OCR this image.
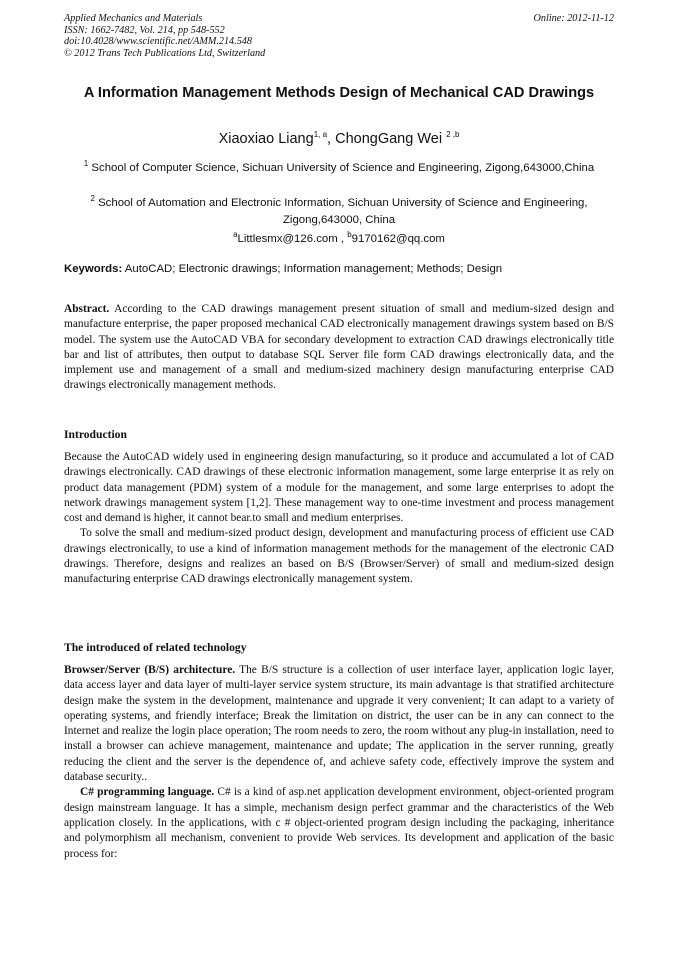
Applied Mechanics and Materials
ISSN: 1662-7482, Vol. 214, pp 548-552
doi:10.4028/www.scientific.net/AMM.214.548
© 2012 Trans Tech Publications Ltd, Switzerland
Online: 2012-11-12
A Information Management Methods Design of Mechanical CAD Drawings
Xiaoxiao Liang$^{1, a}$, ChongGang Wei $^{2 ,b}$
$^1$ School of Computer Science, Sichuan University of Science and Engineering, Zigong,643000,China
$^2$ School of Automation and Electronic Information, Sichuan University of Science and Engineering, Zigong,643000, China
$^a$Littlesmx@126.com , $^b$9170162@qq.com
Keywords: AutoCAD; Electronic drawings; Information management; Methods; Design

Abstract. According to the CAD drawings management present situation of small and medium-sized design and manufacture enterprise, the paper proposed mechanical CAD electronically management drawings system based on B/S model. The system use the AutoCAD VBA for secondary development to extraction CAD drawings electronically title bar and list of attributes, then output to database SQL Server file form CAD drawings electronically data, and the implement use and management of a small and medium-sized machinery design manufacturing enterprise CAD drawings electronically management methods.

Introduction

Because the AutoCAD widely used in engineering design manufacturing, so it produce and accumulated a lot of CAD drawings electronically. CAD drawings of these electronic information management, some large enterprise it as rely on product data management (PDM) system of a module for the management, and some large enterprises to adopt the network drawings management system [1,2]. These management way to one-time investment and process management cost and demand is higher, it cannot bear.to small and medium enterprises.

To solve the small and medium-sized product design, development and manufacturing process of efficient use CAD drawings electronically, to use a kind of information management methods for the management of the electronic CAD drawings. Therefore, designs and realizes an based on B/S (Browser/Server) of small and medium-sized design manufacturing enterprise CAD drawings electronically management system.

The introduced of related technology

Browser/Server (B/S) architecture. The B/S structure is a collection of user interface layer, application logic layer, data access layer and data layer of multi-layer service system structure, its main advantage is that stratified architecture design make the system in the development, maintenance and upgrade it very convenient; It can adapt to a variety of operating systems, and friendly interface; Break the limitation on district, the user can be in any can connect to the Internet and realize the login place operation; The room needs to zero, the room without any plug-in installation, need to install a browser can achieve management, maintenance and update; The application in the server running, greatly reducing the client and the server is the dependence of, and achieve safety code, effectively improve the system and database security..

C# programming language. C# is a kind of asp.net application development environment, object-oriented program design mainstream language. It has a simple, mechanism design perfect grammar and the characteristics of the Web application closely. In the applications, with c # object-oriented program design including the packaging, inheritance and polymorphism all mechanism, convenient to provide Web services. Its development and application of the basic process for:
